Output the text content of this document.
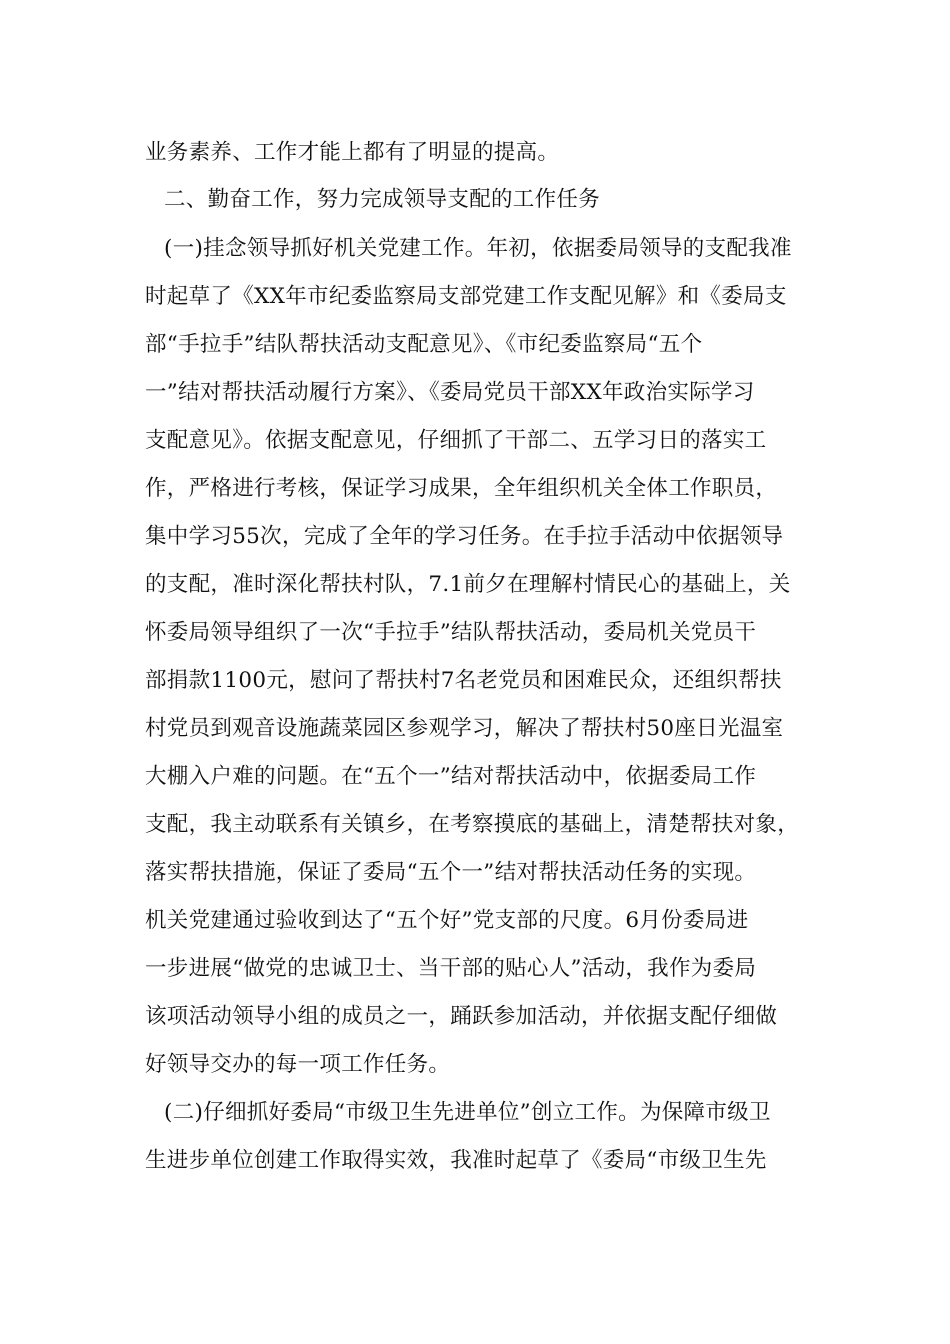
业务素养、工作才能上都有了明显的提高。
二、勤奋工作，努力完成领导支配的工作任务
(一)挂念领导抓好机关党建工作。年初，依据委局领导的支配我准
时起草了《XX年市纪委监察局支部党建工作支配见解》和《委局支
部“手拉手”结队帮扶活动支配意见》、《市纪委监察局“五个
一”结对帮扶活动履行方案》、《委局党员干部XX年政治实际学习
支配意见》。依据支配意见，仔细抓了干部二、五学习日的落实工
作，严格进行考核，保证学习成果，全年组织机关全体工作职员，
集中学习55次，完成了全年的学习任务。在手拉手活动中依据领导
的支配，准时深化帮扶村队，7.1前夕在理解村情民心的基础上，关
怀委局领导组织了一次“手拉手”结队帮扶活动，委局机关党员干
部捐款1100元，慰问了帮扶村7名老党员和困难民众，还组织帮扶
村党员到观音设施蔬菜园区参观学习，解决了帮扶村50座日光温室
大棚入户难的问题。在“五个一”结对帮扶活动中，依据委局工作
支配，我主动联系有关镇乡，在考察摸底的基础上，清楚帮扶对象，
落实帮扶措施，保证了委局“五个一”结对帮扶活动任务的实现。
机关党建通过验收到达了“五个好”党支部的尺度。6月份委局进
一步进展“做党的忠诚卫士、当干部的贴心人”活动，我作为委局
该项活动领导小组的成员之一，踊跃参加活动，并依据支配仔细做
好领导交办的每一项工作任务。
(二)仔细抓好委局“市级卫生先进单位”创立工作。为保障市级卫
生进步单位创建工作取得实效，我准时起草了《委局“市级卫生先
